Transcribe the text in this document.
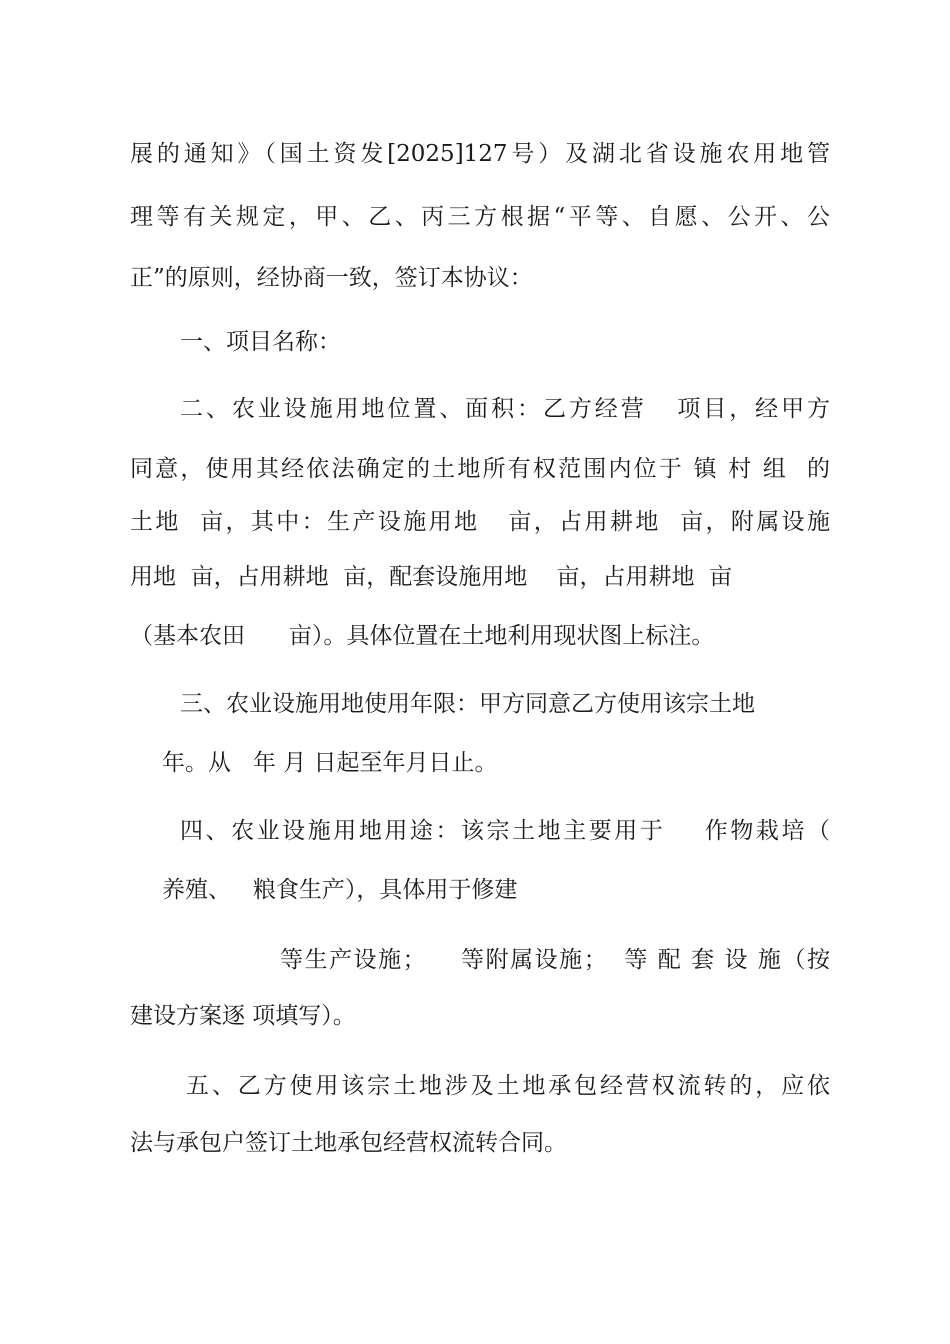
展的通知》（国土资发[2025]127号）及湖北省设施农用地管
理等有关规定，甲、乙、丙三方根据“平等、自愿、公开、公
正”的原则，经协商一致，签订本协议：
一、项目名称：
二、农业设施用地位置、面积：乙方经营   项目，经甲方
同意，使用其经依法确定的土地所有权范围内位于 镇 村 组  的
土地  亩，其中：生产设施用地   亩，占用耕地  亩，附属设施
用地  亩，占用耕地  亩，配套设施用地    亩，占用耕地  亩
（基本农田      亩）。具体位置在土地利用现状图上标注。
三、农业设施用地使用年限：甲方同意乙方使用该宗土地
年。从   年 月 日起至年月日止。
四、农业设施用地用途：该宗土地主要用于    作物栽培（
养殖、   粮食生产），具体用于修建
等生产设施；    等附属设施；  等 配 套 设 施（按
建设方案逐 项填写）。
五、乙方使用该宗土地涉及土地承包经营权流转的，应依
法与承包户签订土地承包经营权流转合同。
